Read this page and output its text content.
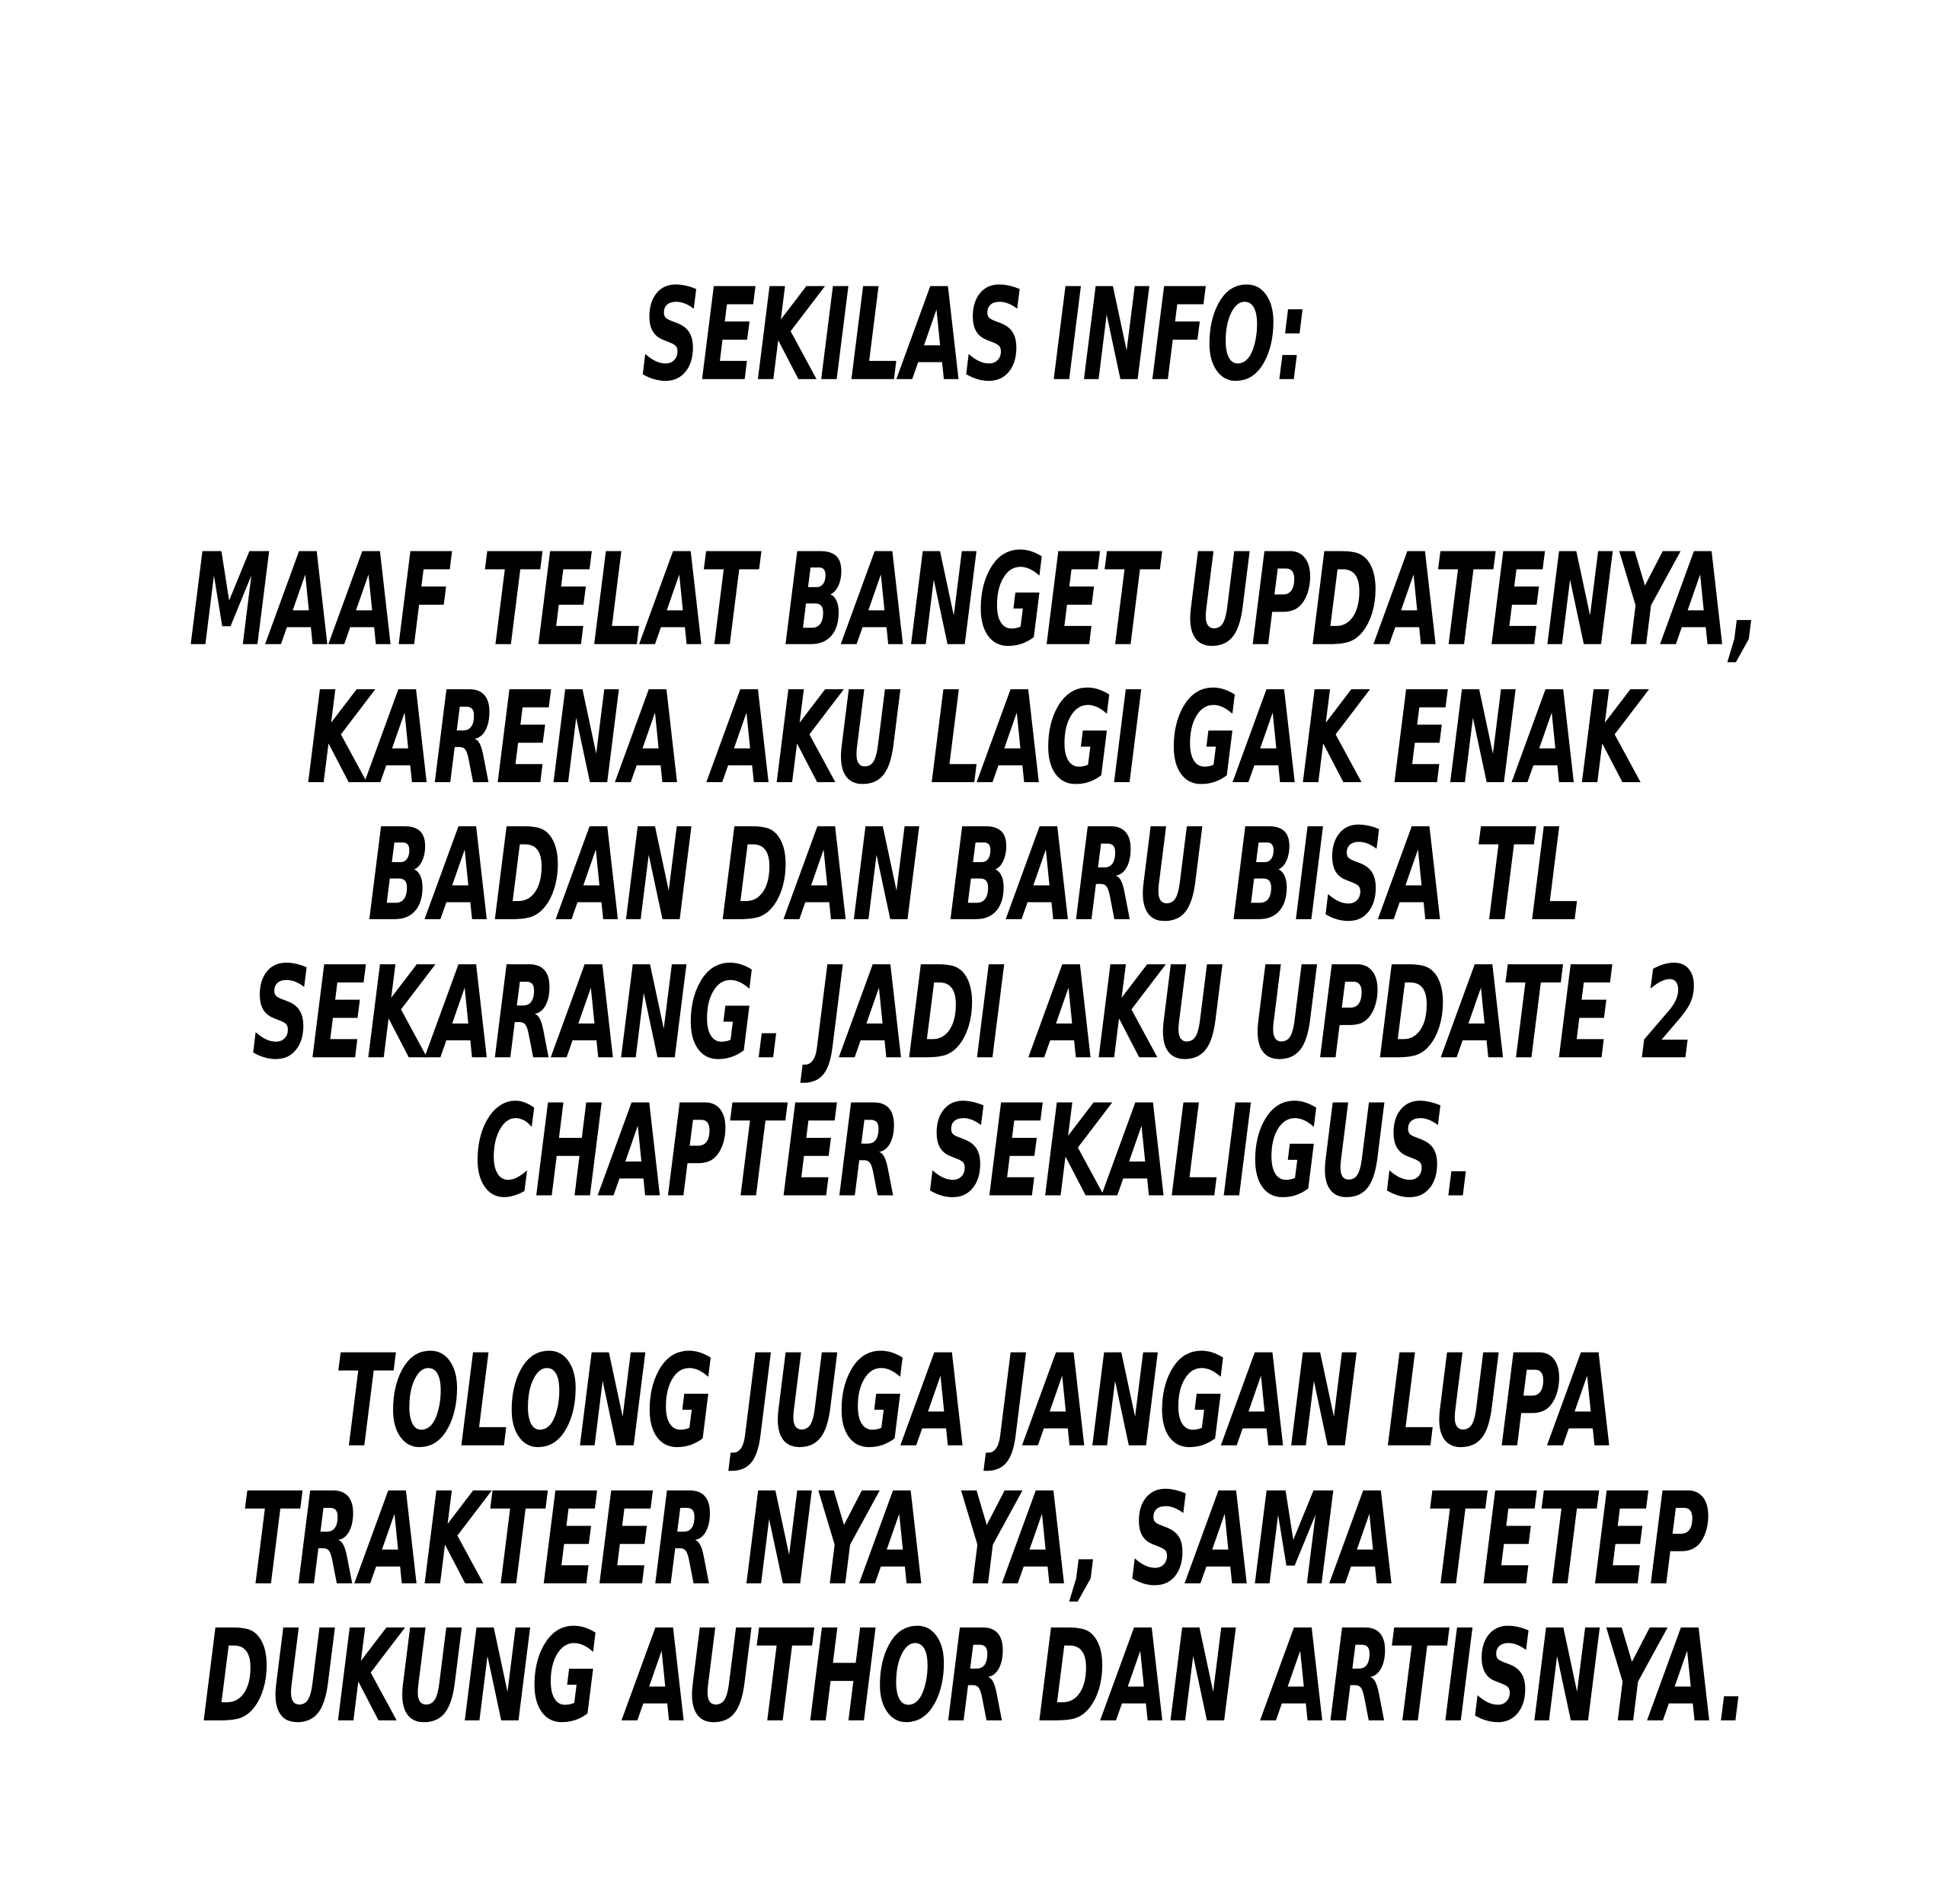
SEKILAS INFO:
MAAF TELAT BANGET UPDATENYA,
KARENA AKU LAGI GAK ENAK
BADAN DAN BARU BISA TL
SEKARANG. JADI AKU UPDATE 2
CHAPTER SEKALIGUS.
TOLONG JUGA JANGAN LUPA
TRAKTEER NYA YA, SAMA TETEP
DUKUNG AUTHOR DAN ARTISNYA.
